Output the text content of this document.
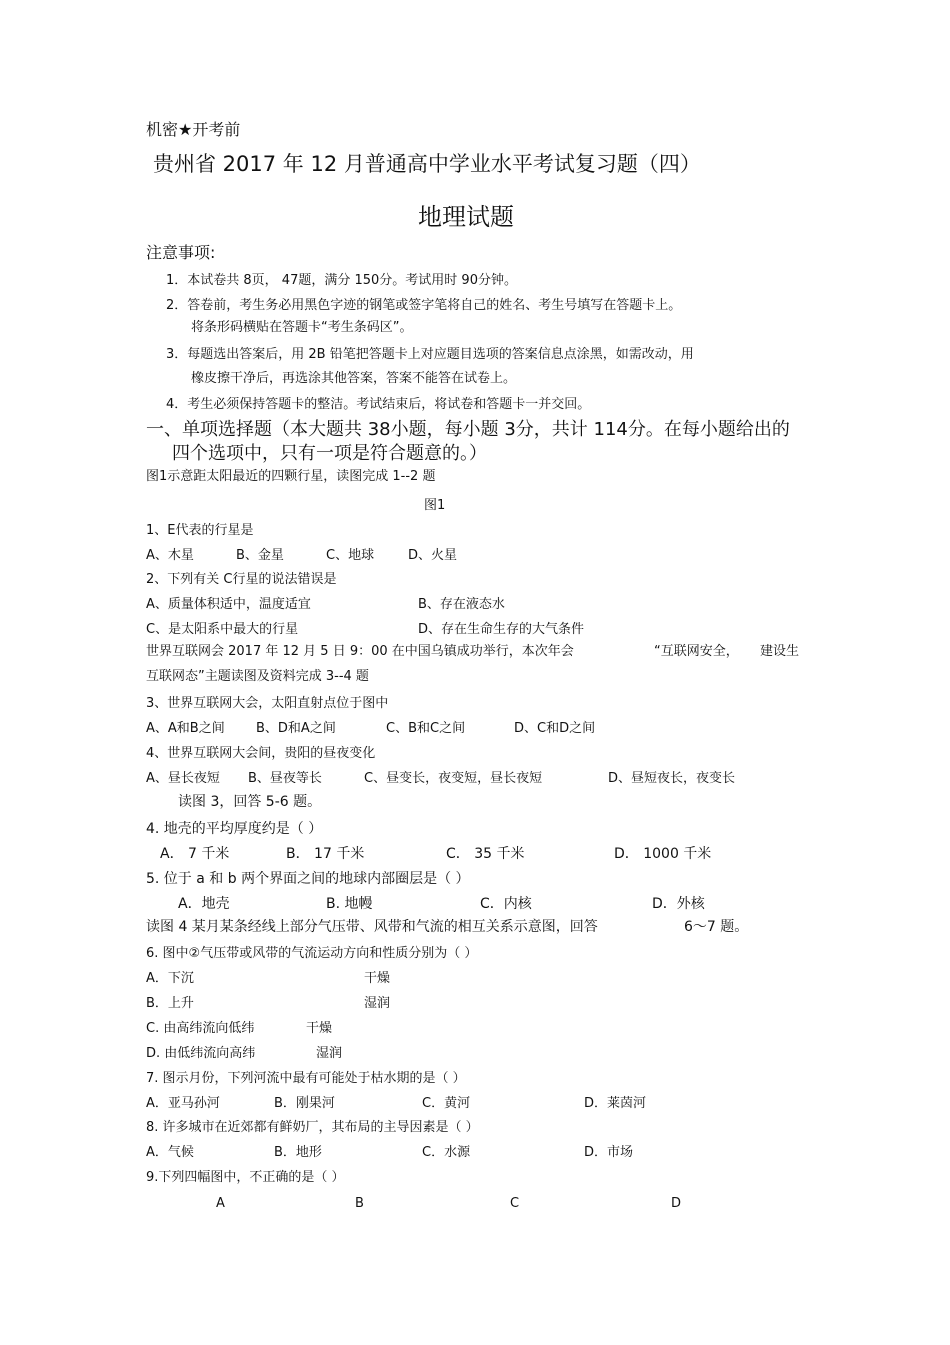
机密★开考前
贵州省 2017 年 12 月普通高中学业水平考试复习题（四）
地理试题
注意事项:
1．本试卷共 8页， 47题，满分 150分。考试用时 90分钟。
2．答卷前，考生务必用黑色字迹的钢笔或签字笔将自己的姓名、考生号填写在答题卡上。
将条形码横贴在答题卡“考生条码区”。
3．每题选出答案后，用 2B 铅笔把答题卡上对应题目选项的答案信息点涂黑，如需改动，用
橡皮擦干净后，再选涂其他答案，答案不能答在试卷上。
4．考生必须保持答题卡的整洁。考试结束后，将试卷和答题卡一并交回。
一、单项选择题（本大题共 38小题，每小题 3分，共计 114分。在每小题给出的
四个选项中，只有一项是符合题意的。）
图1示意距太阳最近的四颗行星，读图完成 1--2 题
图1
1、E代表的行星是
A、木星	B、金星	C、地球	D、火星
2、下列有关 C行星的说法错误是
A、质量体积适中，温度适宜	B、存在液态水
C、是太阳系中最大的行星	D、存在生命生存的大气条件
世界互联网会 2017 年 12 月 5 日 9：00 在中国乌镇成功举行，本次年会	“互联网安全， 建设生
互联网态”主题读图及资料完成 3--4 题
3、世界互联网大会，太阳直射点位于图中
A、A和B之间 B、D和A之间	C、B和C之间	D、C和D之间
4、世界互联网大会间，贵阳的昼夜变化
A、昼长夜短 B、昼夜等长	C、昼变长，夜变短，昼长夜短	D、昼短夜长，夜变长
读图 3，回答 5-6 题。
4. 地壳的平均厚度约是（ ）
A． 7 千米	B． 17 千米	C． 35 千米	D． 1000 千米
5. 位于 a 和 b 两个界面之间的地球内部圈层是（ ）
A．地壳	B. 地幔	C．内核	D．外核
读图 4 某月某条经线上部分气压带、风带和气流的相互关系示意图，回答	6～7 题。
6. 图中②气压带或风带的气流运动方向和性质分别为（ ）
A．下沉	干燥
B．上升	湿润
C. 由高纬流向低纬	干燥
D. 由低纬流向高纬	湿润
7. 图示月份，下列河流中最有可能处于枯水期的是（ ）
A．亚马孙河	B．刚果河	C．黄河	D．莱茵河
8. 许多城市在近郊都有鲜奶厂，其布局的主导因素是（ ）
A．气候	B．地形	C．水源	D．市场
9.下列四幅图中，不正确的是（ ）
A	B	C	D
